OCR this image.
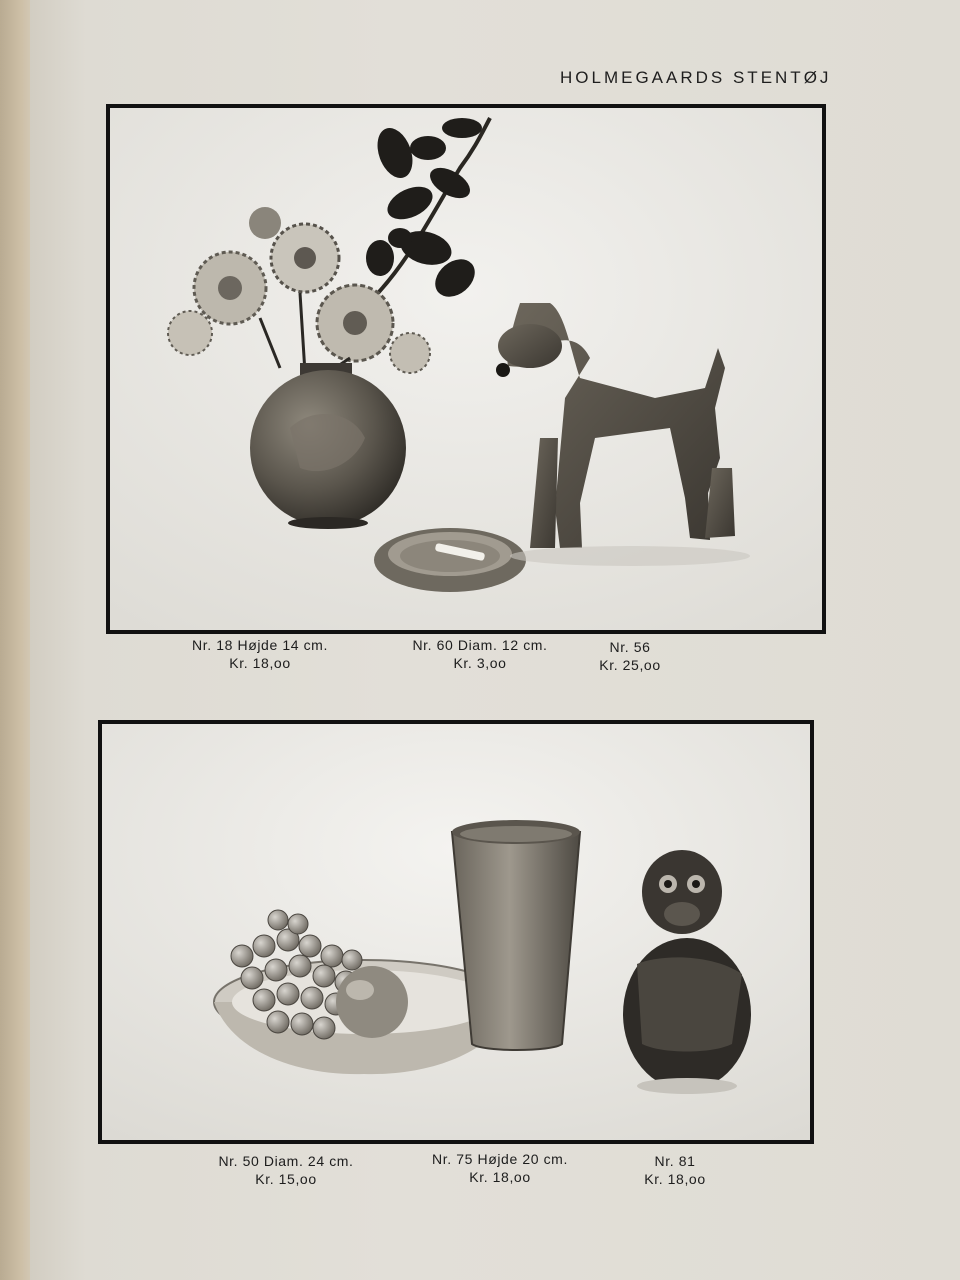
HOLMEGAARDS STENTØJ
Nr. 18 Højde 14 cm.
Kr. 18,oo
Nr. 60 Diam. 12 cm.
Kr. 3,oo
Nr. 56
Kr. 25,oo
Nr. 50 Diam. 24 cm.
Kr. 15,oo
Nr. 75 Højde 20 cm.
Kr. 18,oo
Nr. 81
Kr. 18,oo
